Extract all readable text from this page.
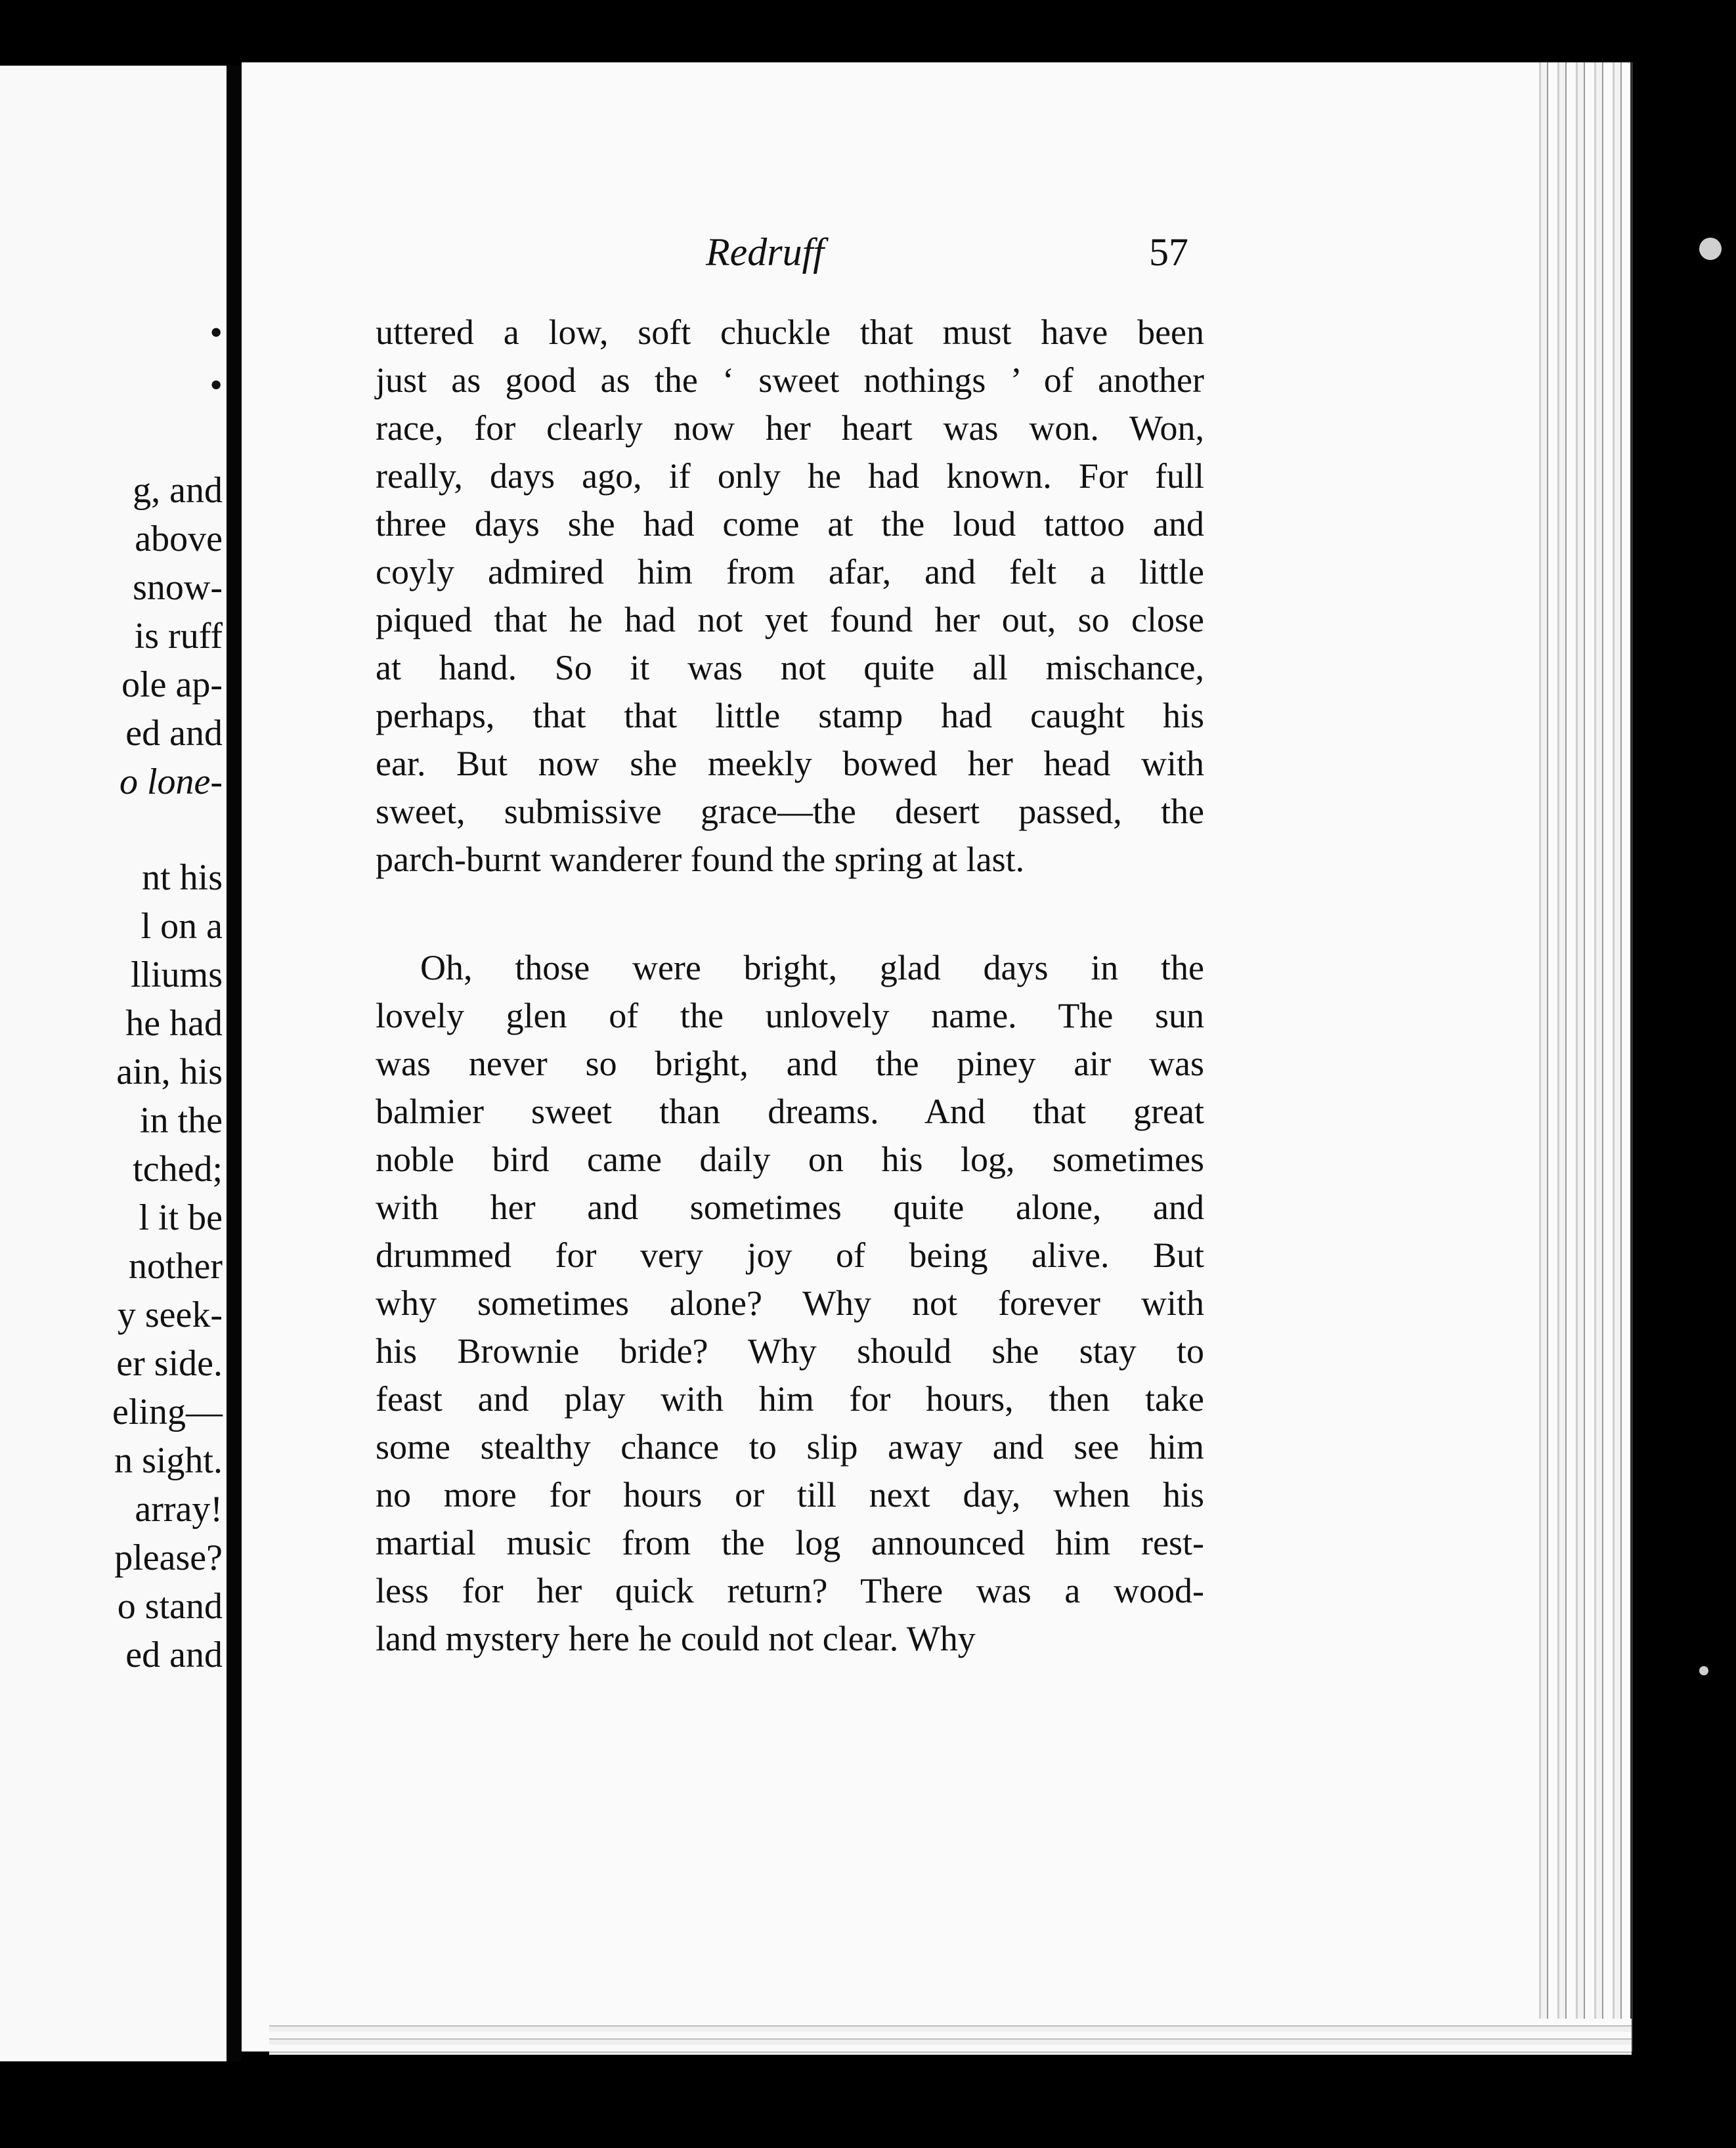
•
•
g, and
above
snow-
is ruff
ole ap-
ed and
o lone-
nt his
l on a
lliums
he had
ain, his
in the
tched;
l it be
nother
y seek-
er side.
eling—
n sight.
array!
please?
o stand
ed and
Redruff	57
uttered a low, soft chuckle that must have been
just as good as the ‘ sweet nothings ’ of another
race, for clearly now her heart was won. Won,
really, days ago, if only he had known. For full
three days she had come at the loud tattoo and
coyly admired him from afar, and felt a little
piqued that he had not yet found her out, so close
at hand. So it was not quite all mischance,
perhaps, that that little stamp had caught his
ear. But now she meekly bowed her head with
sweet, submissive grace—the desert passed, the
parch-burnt wanderer found the spring at last.
Oh, those were bright, glad days in the
lovely glen of the unlovely name. The sun
was never so bright, and the piney air was
balmier sweet than dreams. And that great
noble bird came daily on his log, sometimes
with her and sometimes quite alone, and
drummed for very joy of being alive. But
why sometimes alone? Why not forever with
his Brownie bride? Why should she stay to
feast and play with him for hours, then take
some stealthy chance to slip away and see him
no more for hours or till next day, when his
martial music from the log announced him rest-
less for her quick return? There was a wood-
land mystery here he could not clear. Why
